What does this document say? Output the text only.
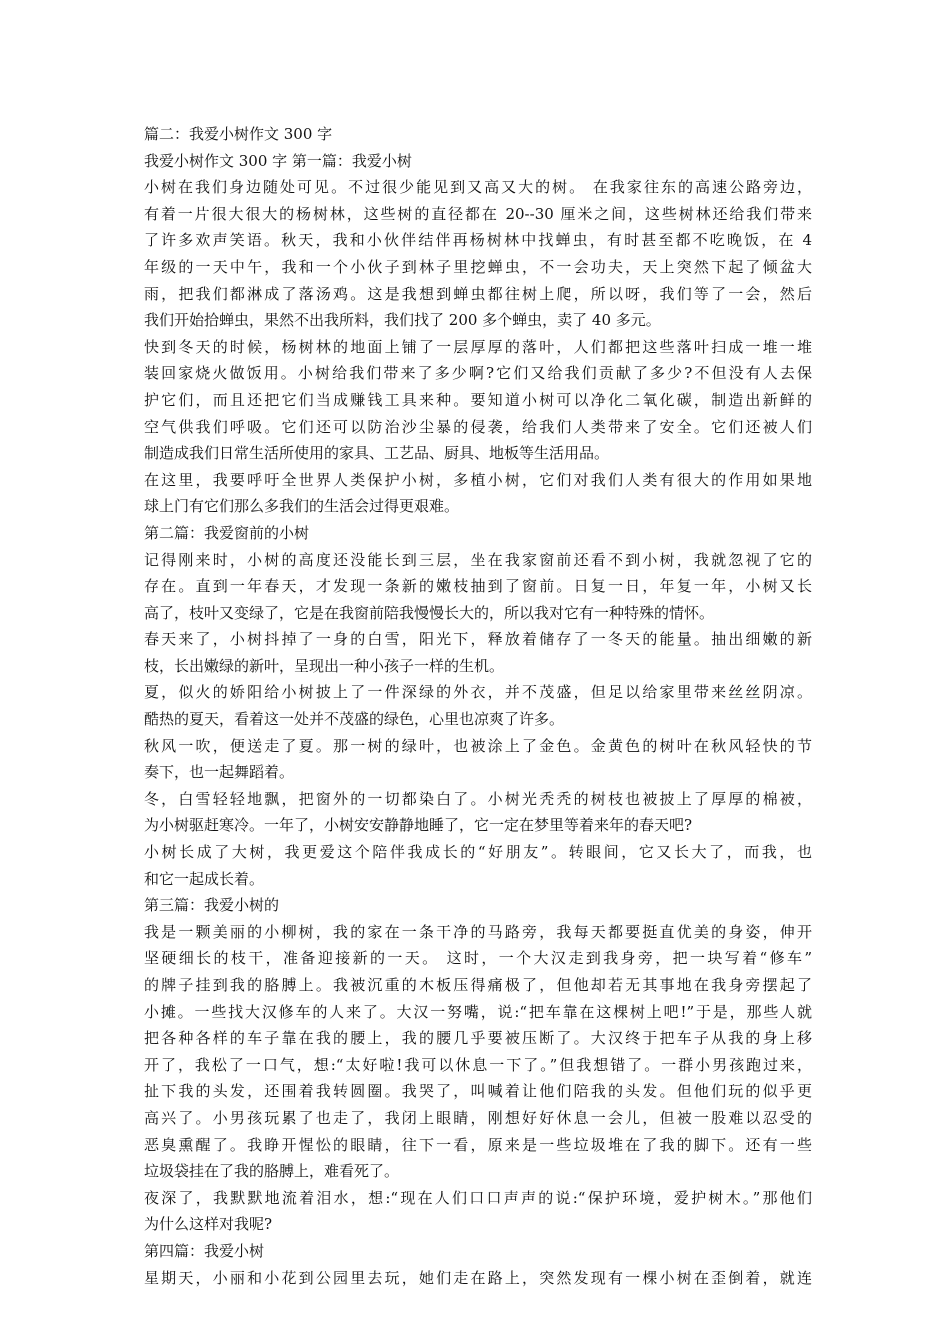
篇二：我爱小树作文 300 字
我爱小树作文 300 字 第一篇：我爱小树
小树在我们身边随处可见。不过很少能见到又高又大的树。 在我家往东的高速公路旁边，
有着一片很大很大的杨树林，这些树的直径都在 20--30 厘米之间，这些树林还给我们带来
了许多欢声笑语。秋天，我和小伙伴结伴再杨树林中找蝉虫，有时甚至都不吃晚饭，在 4
年级的一天中午，我和一个小伙子到林子里挖蝉虫，不一会功夫，天上突然下起了倾盆大
雨，把我们都淋成了落汤鸡。这是我想到蝉虫都往树上爬，所以呀，我们等了一会，然后
我们开始拾蝉虫，果然不出我所料，我们找了 200 多个蝉虫，卖了 40 多元。
快到冬天的时候，杨树林的地面上铺了一层厚厚的落叶，人们都把这些落叶扫成一堆一堆
装回家烧火做饭用。小树给我们带来了多少啊?它们又给我们贡献了多少?不但没有人去保
护它们，而且还把它们当成赚钱工具来种。要知道小树可以净化二氧化碳，制造出新鲜的
空气供我们呼吸。它们还可以防治沙尘暴的侵袭，给我们人类带来了安全。它们还被人们
制造成我们日常生活所使用的家具、工艺品、厨具、地板等生活用品。
在这里，我要呼吁全世界人类保护小树，多植小树，它们对我们人类有很大的作用如果地
球上门有它们那么多我们的生活会过得更艰难。
第二篇：我爱窗前的小树
记得刚来时，小树的高度还没能长到三层，坐在我家窗前还看不到小树，我就忽视了它的
存在。直到一年春天，才发现一条新的嫩枝抽到了窗前。日复一日，年复一年，小树又长
高了，枝叶又变绿了，它是在我窗前陪我慢慢长大的，所以我对它有一种特殊的情怀。
春天来了，小树抖掉了一身的白雪，阳光下，释放着储存了一冬天的能量。抽出细嫩的新
枝，长出嫩绿的新叶，呈现出一种小孩子一样的生机。
夏，似火的娇阳给小树披上了一件深绿的外衣，并不茂盛，但足以给家里带来丝丝阴凉。
酷热的夏天，看着这一处并不茂盛的绿色，心里也凉爽了许多。
秋风一吹，便送走了夏。那一树的绿叶，也被涂上了金色。金黄色的树叶在秋风轻快的节
奏下，也一起舞蹈着。
冬，白雪轻轻地飘，把窗外的一切都染白了。小树光秃秃的树枝也被披上了厚厚的棉被，
为小树驱赶寒冷。一年了，小树安安静静地睡了，它一定在梦里等着来年的春天吧?
小树长成了大树，我更爱这个陪伴我成长的“好朋友”。转眼间，它又长大了，而我，也
和它一起成长着。
第三篇：我爱小树的
我是一颗美丽的小柳树，我的家在一条干净的马路旁，我每天都要挺直优美的身姿，伸开
坚硬细长的枝干，准备迎接新的一天。 这时，一个大汉走到我身旁，把一块写着“修车”
的牌子挂到我的胳膊上。我被沉重的木板压得痛极了，但他却若无其事地在我身旁摆起了
小摊。一些找大汉修车的人来了。大汉一努嘴，说:“把车靠在这棵树上吧!”于是，那些人就
把各种各样的车子靠在我的腰上，我的腰几乎要被压断了。大汉终于把车子从我的身上移
开了，我松了一口气，想:“太好啦!我可以休息一下了。”但我想错了。一群小男孩跑过来，
扯下我的头发，还围着我转圆圈。我哭了，叫喊着让他们陪我的头发。但他们玩的似乎更
高兴了。小男孩玩累了也走了，我闭上眼睛，刚想好好休息一会儿，但被一股难以忍受的
恶臭熏醒了。我睁开惺忪的眼睛，往下一看，原来是一些垃圾堆在了我的脚下。还有一些
垃圾袋挂在了我的胳膊上，难看死了。
夜深了，我默默地流着泪水，想:“现在人们口口声声的说:“保护环境，爱护树木。”那他们
为什么这样对我呢?
第四篇：我爱小树
星期天，小丽和小花到公园里去玩，她们走在路上，突然发现有一棵小树在歪倒着，就连
